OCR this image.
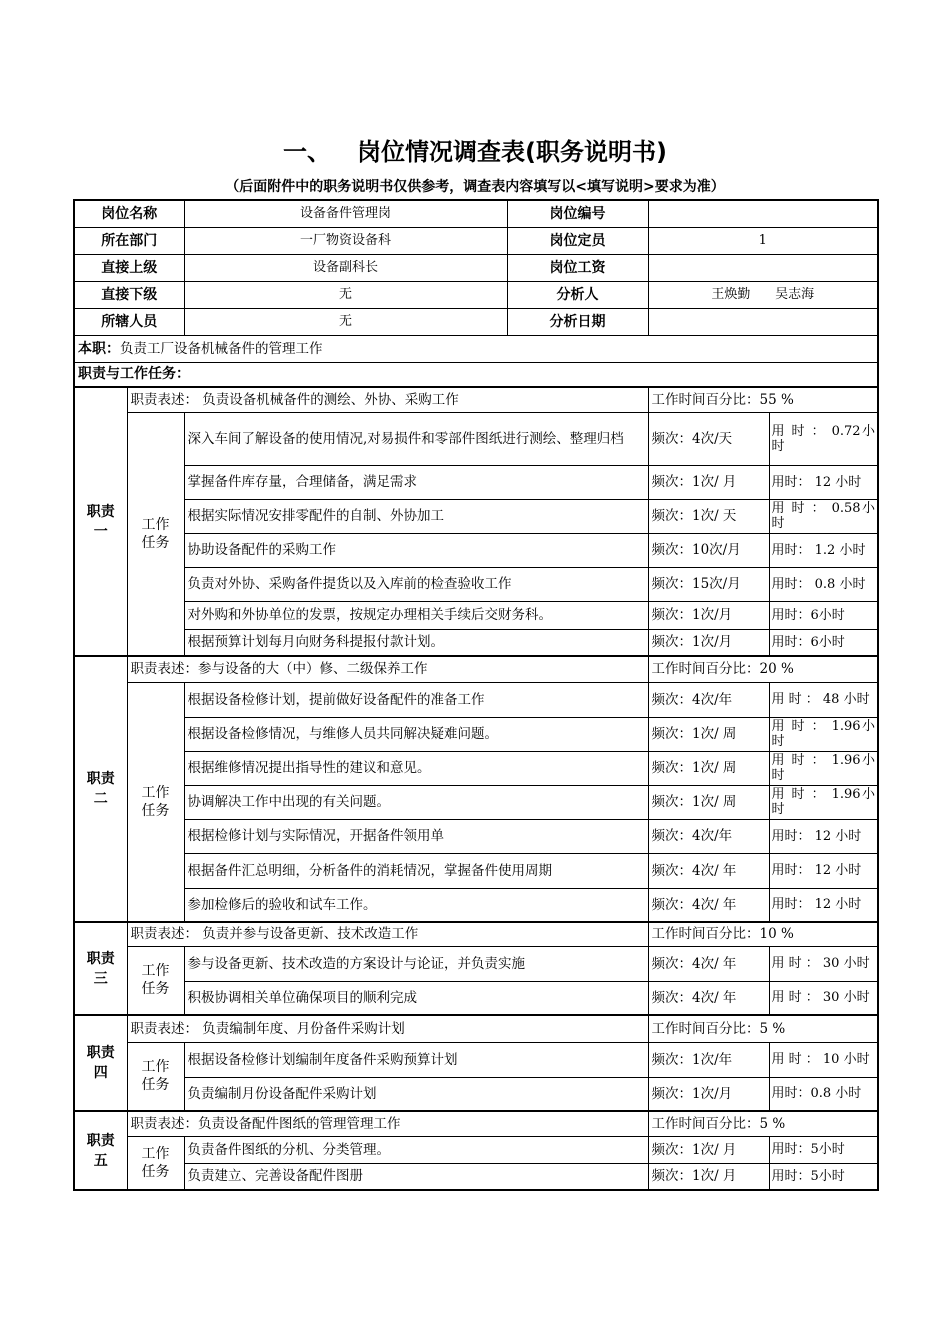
一、 岗位情况调查表(职务说明书)
（后面附件中的职务说明书仅供参考，调查表内容填写以<填写说明>要求为准）
岗位名称		设备备件管理岗	岗位编号		
所在部门		一厂物资设备科	岗位定员	1	
直接上级		设备副科长	岗位工资		
直接下级		无	分析人	王焕勤      吴志海	
所辖人员		无	分析日期		
本职：负责工厂设备机械备件的管理工作					
职责与工作任务：					
职责一	职责表述： 负责设备机械备件的测绘、外协、采购工作			工作时间百分比：55 %	
	工作任务	深入车间了解设备的使用情况,对易损件和零部件图纸进行测绘、整理归档		频次：4次/天	用 时 ： 0.72小时
		掌握备件库存量，合理储备，满足需求		频次：1次/ 月	用时： 12 小时
		根据实际情况安排零配件的自制、外协加工		频次：1次/ 天	用 时 ： 0.58小时
		协助设备配件的采购工作		频次：10次/月	用时： 1.2 小时
		负责对外协、采购备件提货以及入库前的检查验收工作		频次：15次/月	用时： 0.8 小时
		对外购和外协单位的发票，按规定办理相关手续后交财务科。		频次：1次/月	用时：6小时
		根据预算计划每月向财务科提报付款计划。		频次：1次/月	用时：6小时
职责二	职责表述：参与设备的大（中）修、二级保养工作			工作时间百分比：20 %	
	工作任务	根据设备检修计划，提前做好设备配件的准备工作		频次：4次/年	用 时 ： 48 小时
		根据设备检修情况，与维修人员共同解决疑难问题。		频次：1次/ 周	用 时 ： 1.96小时
		根据维修情况提出指导性的建议和意见。		频次：1次/ 周	用 时 ： 1.96小时
		协调解决工作中出现的有关问题。		频次：1次/ 周	用 时 ： 1.96小时
		根据检修计划与实际情况，开据备件领用单		频次：4次/年	用时： 12 小时
		根据备件汇总明细，分析备件的消耗情况，掌握备件使用周期		频次：4次/ 年	用时： 12 小时
		参加检修后的验收和试车工作。		频次：4次/ 年	用时： 12 小时
职责三	职责表述： 负责并参与设备更新、技术改造工作			工作时间百分比：10 %	
	工作任务	参与设备更新、技术改造的方案设计与论证，并负责实施		频次：4次/ 年	用 时 ： 30 小时
		积极协调相关单位确保项目的顺利完成		频次：4次/ 年	用 时 ： 30 小时
职责四	职责表述： 负责编制年度、月份备件采购计划			工作时间百分比：5 %	
	工作任务	根据设备检修计划编制年度备件采购预算计划		频次：1次/年	用 时 ： 10 小时
		负责编制月份设备配件采购计划		频次：1次/月	用时：0.8 小时
职责五	职责表述：负责设备配件图纸的管理管理工作			工作时间百分比：5 %	
	工作任务	负责备件图纸的分机、分类管理。		频次：1次/ 月	用时：5小时
		负责建立、完善设备配件图册		频次：1次/ 月	用时：5小时
